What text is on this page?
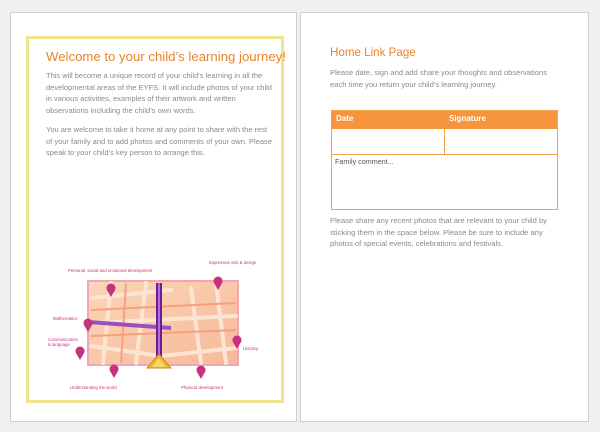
Welcome to your child’s learning journey!

This will become a unique record of your child’s learning in all the developmental areas of the EYFS. It will include photos of your child in various activities, examples of their artwork and written observations including the child’s own words.

You are welcome to take it home at any point to share with the rest of your family and to add photos and comments of your own. Please speak to your child’s key person to arrange this.

Personal, social and emotional development
Expressive arts & design
Mathematics
Communication & language
Literacy
Understanding the world	Physical development
Home Link Page

Please date, sign and add share your thoughts and observations each time you return your child’s learning journey.

Date	Signature
Family comment...

Please share any recent photos that are relevant to your child by sticking them in the space below. Please be sure to include any photos of special events, celebrations and festivals.
